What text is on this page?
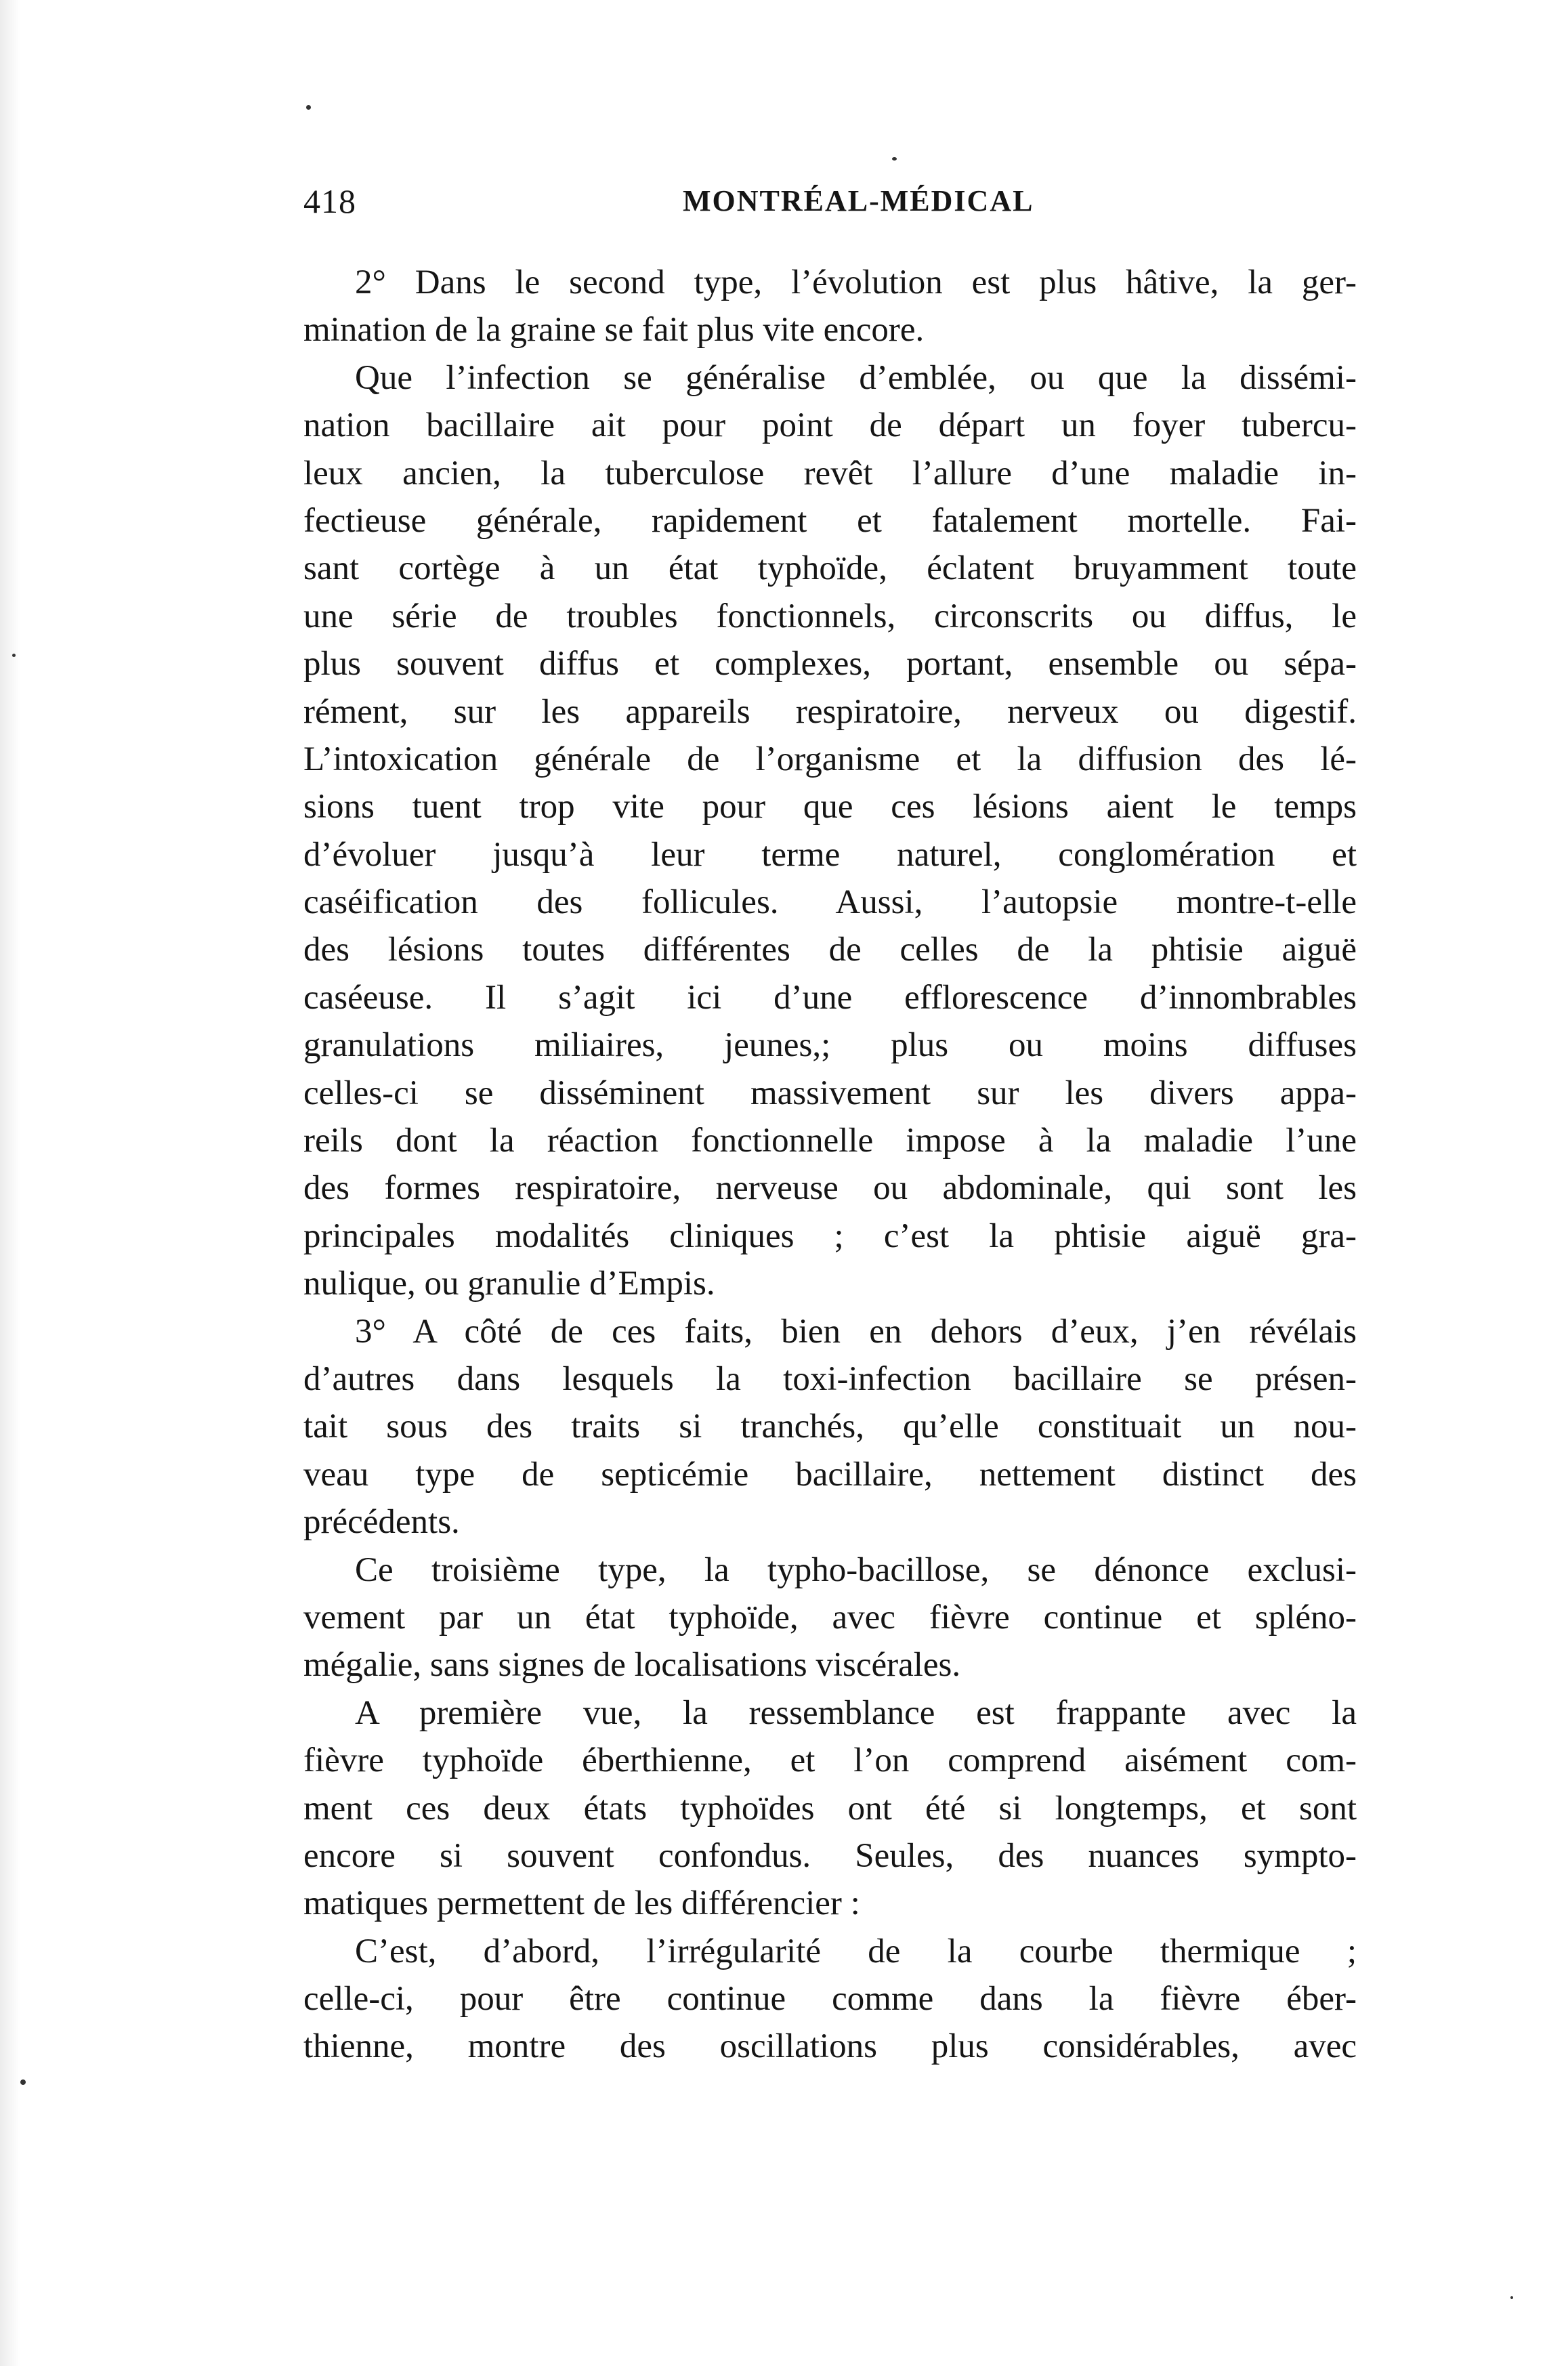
418	MONTRÉAL-MÉDICAL
2° Dans le second type, l’évolution est plus hâtive, la ger-
mination de la graine se fait plus vite encore.
Que l’infection se généralise d’emblée, ou que la dissémi-
nation bacillaire ait pour point de départ un foyer tubercu-
leux ancien, la tuberculose revêt l’allure d’une maladie in-
fectieuse générale, rapidement et fatalement mortelle. Fai-
sant cortège à un état typhoïde, éclatent bruyamment toute
une série de troubles fonctionnels, circonscrits ou diffus, le
plus souvent diffus et complexes, portant, ensemble ou sépa-
rément, sur les appareils respiratoire, nerveux ou digestif.
L’intoxication générale de l’organisme et la diffusion des lé-
sions tuent trop vite pour que ces lésions aient le temps
d’évoluer jusqu’à leur terme naturel, conglomération et
caséification des follicules. Aussi, l’autopsie montre-t-elle
des lésions toutes différentes de celles de la phtisie aiguë
caséeuse. Il s’agit ici d’une efflorescence d’innombrables
granulations miliaires, jeunes,; plus ou moins diffuses
celles-ci se disséminent massivement sur les divers appa-
reils dont la réaction fonctionnelle impose à la maladie l’une
des formes respiratoire, nerveuse ou abdominale, qui sont les
principales modalités cliniques ; c’est la phtisie aiguë gra-
nulique, ou granulie d’Empis.
3° A côté de ces faits, bien en dehors d’eux, j’en révélais
d’autres dans lesquels la toxi-infection bacillaire se présen-
tait sous des traits si tranchés, qu’elle constituait un nou-
veau type de septicémie bacillaire, nettement distinct des
précédents.
Ce troisième type, la typho-bacillose, se dénonce exclusi-
vement par un état typhoïde, avec fièvre continue et spléno-
mégalie, sans signes de localisations viscérales.
A première vue, la ressemblance est frappante avec la
fièvre typhoïde éberthienne, et l’on comprend aisément com-
ment ces deux états typhoïdes ont été si longtemps, et sont
encore si souvent confondus. Seules, des nuances sympto-
matiques permettent de les différencier :
C’est, d’abord, l’irrégularité de la courbe thermique ;
celle-ci, pour être continue comme dans la fièvre éber-
thienne, montre des oscillations plus considérables, avec
